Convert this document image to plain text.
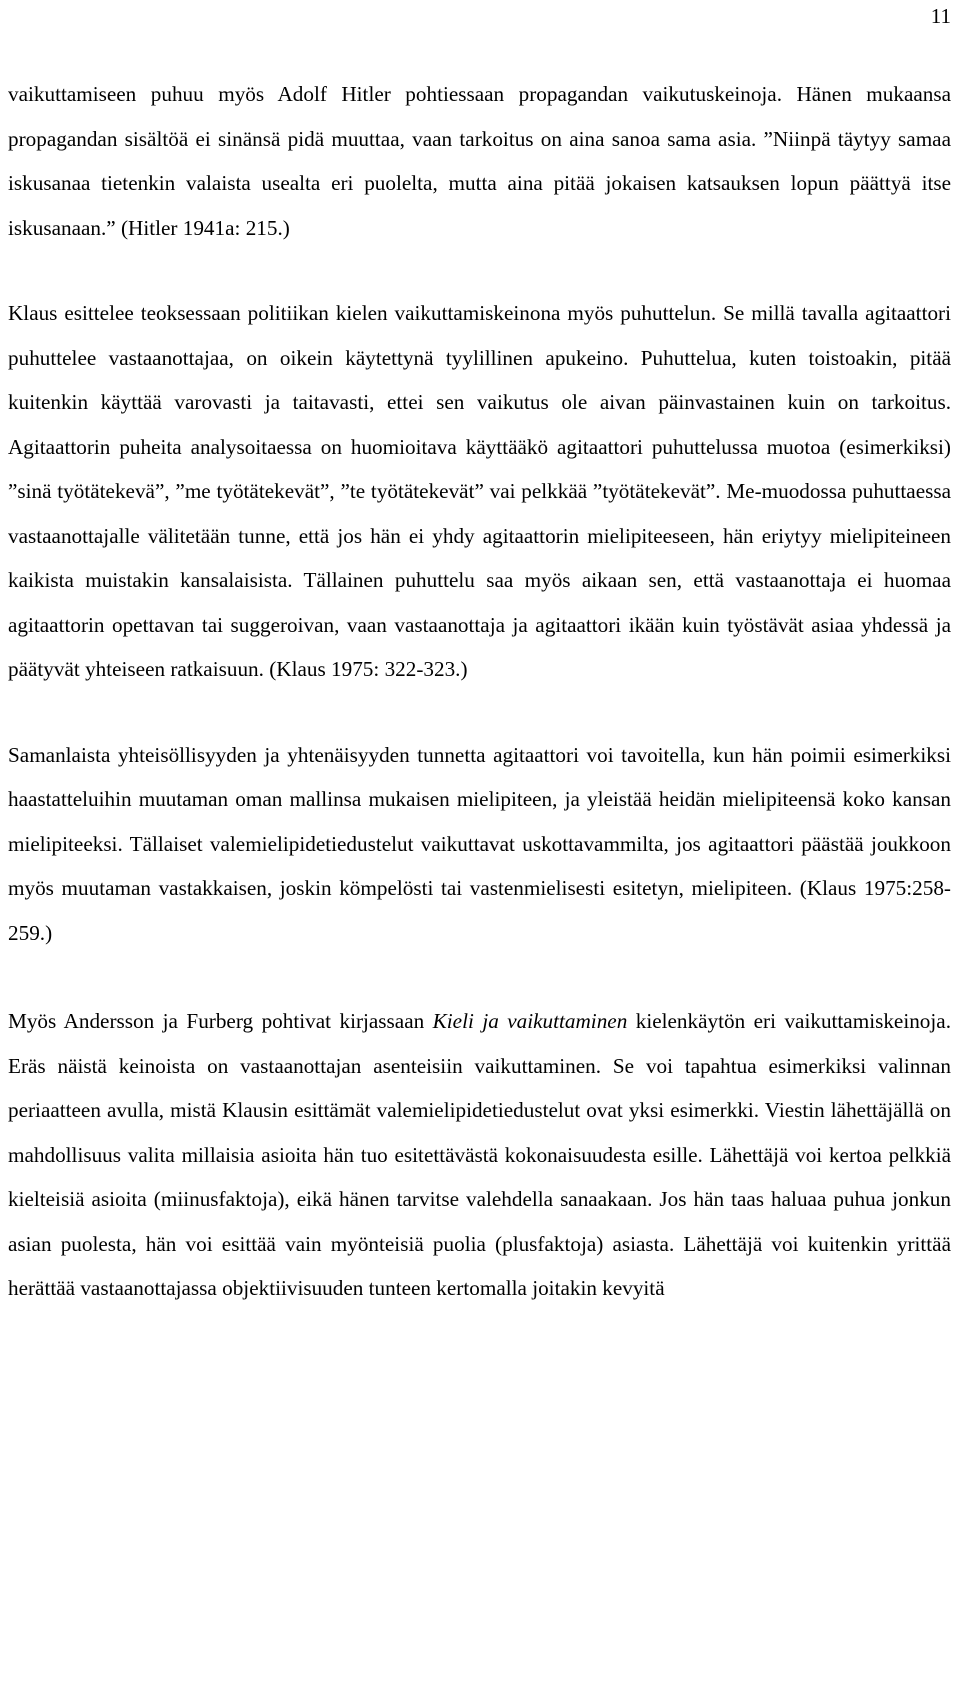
11

vaikuttamiseen puhuu myös Adolf Hitler pohtiessaan propagandan vaikutuskeinoja. Hänen mukaansa propagandan sisältöä ei sinänsä pidä muuttaa, vaan tarkoitus on aina sanoa sama asia. ”Niinpä täytyy samaa iskusanaa tietenkin valaista usealta eri puolelta, mutta aina pitää jokaisen katsauksen lopun päättyä itse iskusanaan.” (Hitler 1941a: 215.)

Klaus esittelee teoksessaan politiikan kielen vaikuttamiskeinona myös puhuttelun. Se millä tavalla agitaattori puhuttelee vastaanottajaa, on oikein käytettynä tyylillinen apukeino. Puhuttelua, kuten toistoakin, pitää kuitenkin käyttää varovasti ja taitavasti, ettei sen vaikutus ole aivan päinvastainen kuin on tarkoitus. Agitaattorin puheita analysoitaessa on huomioitava käyttääkö agitaattori puhuttelussa muotoa (esimerkiksi) ”sinä työtätekevä”, ”me työtätekevät”, ”te työtätekevät” vai pelkkää ”työtätekevät”. Me-muodossa puhuttaessa vastaanottajalle välitetään tunne, että jos hän ei yhdy agitaattorin mielipiteeseen, hän eriytyy mielipiteineen kaikista muistakin kansalaisista. Tällainen puhuttelu saa myös aikaan sen, että vastaanottaja ei huomaa agitaattorin opettavan tai suggeroivan, vaan vastaanottaja ja agitaattori ikään kuin työstävät asiaa yhdessä ja päätyvät yhteiseen ratkaisuun. (Klaus 1975: 322-323.)

Samanlaista yhteisöllisyyden ja yhtenäisyyden tunnetta agitaattori voi tavoitella, kun hän poimii esimerkiksi haastatteluihin muutaman oman mallinsa mukaisen mielipiteen, ja yleistää heidän mielipiteensä koko kansan mielipiteeksi. Tällaiset valemielipidetiedustelut vaikuttavat uskottavammilta, jos agitaattori päästää joukkoon myös muutaman vastakkaisen, joskin kömpelösti tai vastenmielisesti esitetyn, mielipiteen. (Klaus 1975:258-259.)

Myös Andersson ja Furberg pohtivat kirjassaan Kieli ja vaikuttaminen kielenkäytön eri vaikuttamiskeinoja. Eräs näistä keinoista on vastaanottajan asenteisiin vaikuttaminen. Se voi tapahtua esimerkiksi valinnan periaatteen avulla, mistä Klausin esittämät valemielipidetiedustelut ovat yksi esimerkki. Viestin lähettäjällä on mahdollisuus valita millaisia asioita hän tuo esitettävästä kokonaisuudesta esille. Lähettäjä voi kertoa pelkkiä kielteisiä asioita (miinusfaktoja), eikä hänen tarvitse valehdella sanaakaan. Jos hän taas haluaa puhua jonkun asian puolesta, hän voi esittää vain myönteisiä puolia (plusfaktoja) asiasta. Lähettäjä voi kuitenkin yrittää herättää vastaanottajassa objektiivisuuden tunteen kertomalla joitakin kevyitä
